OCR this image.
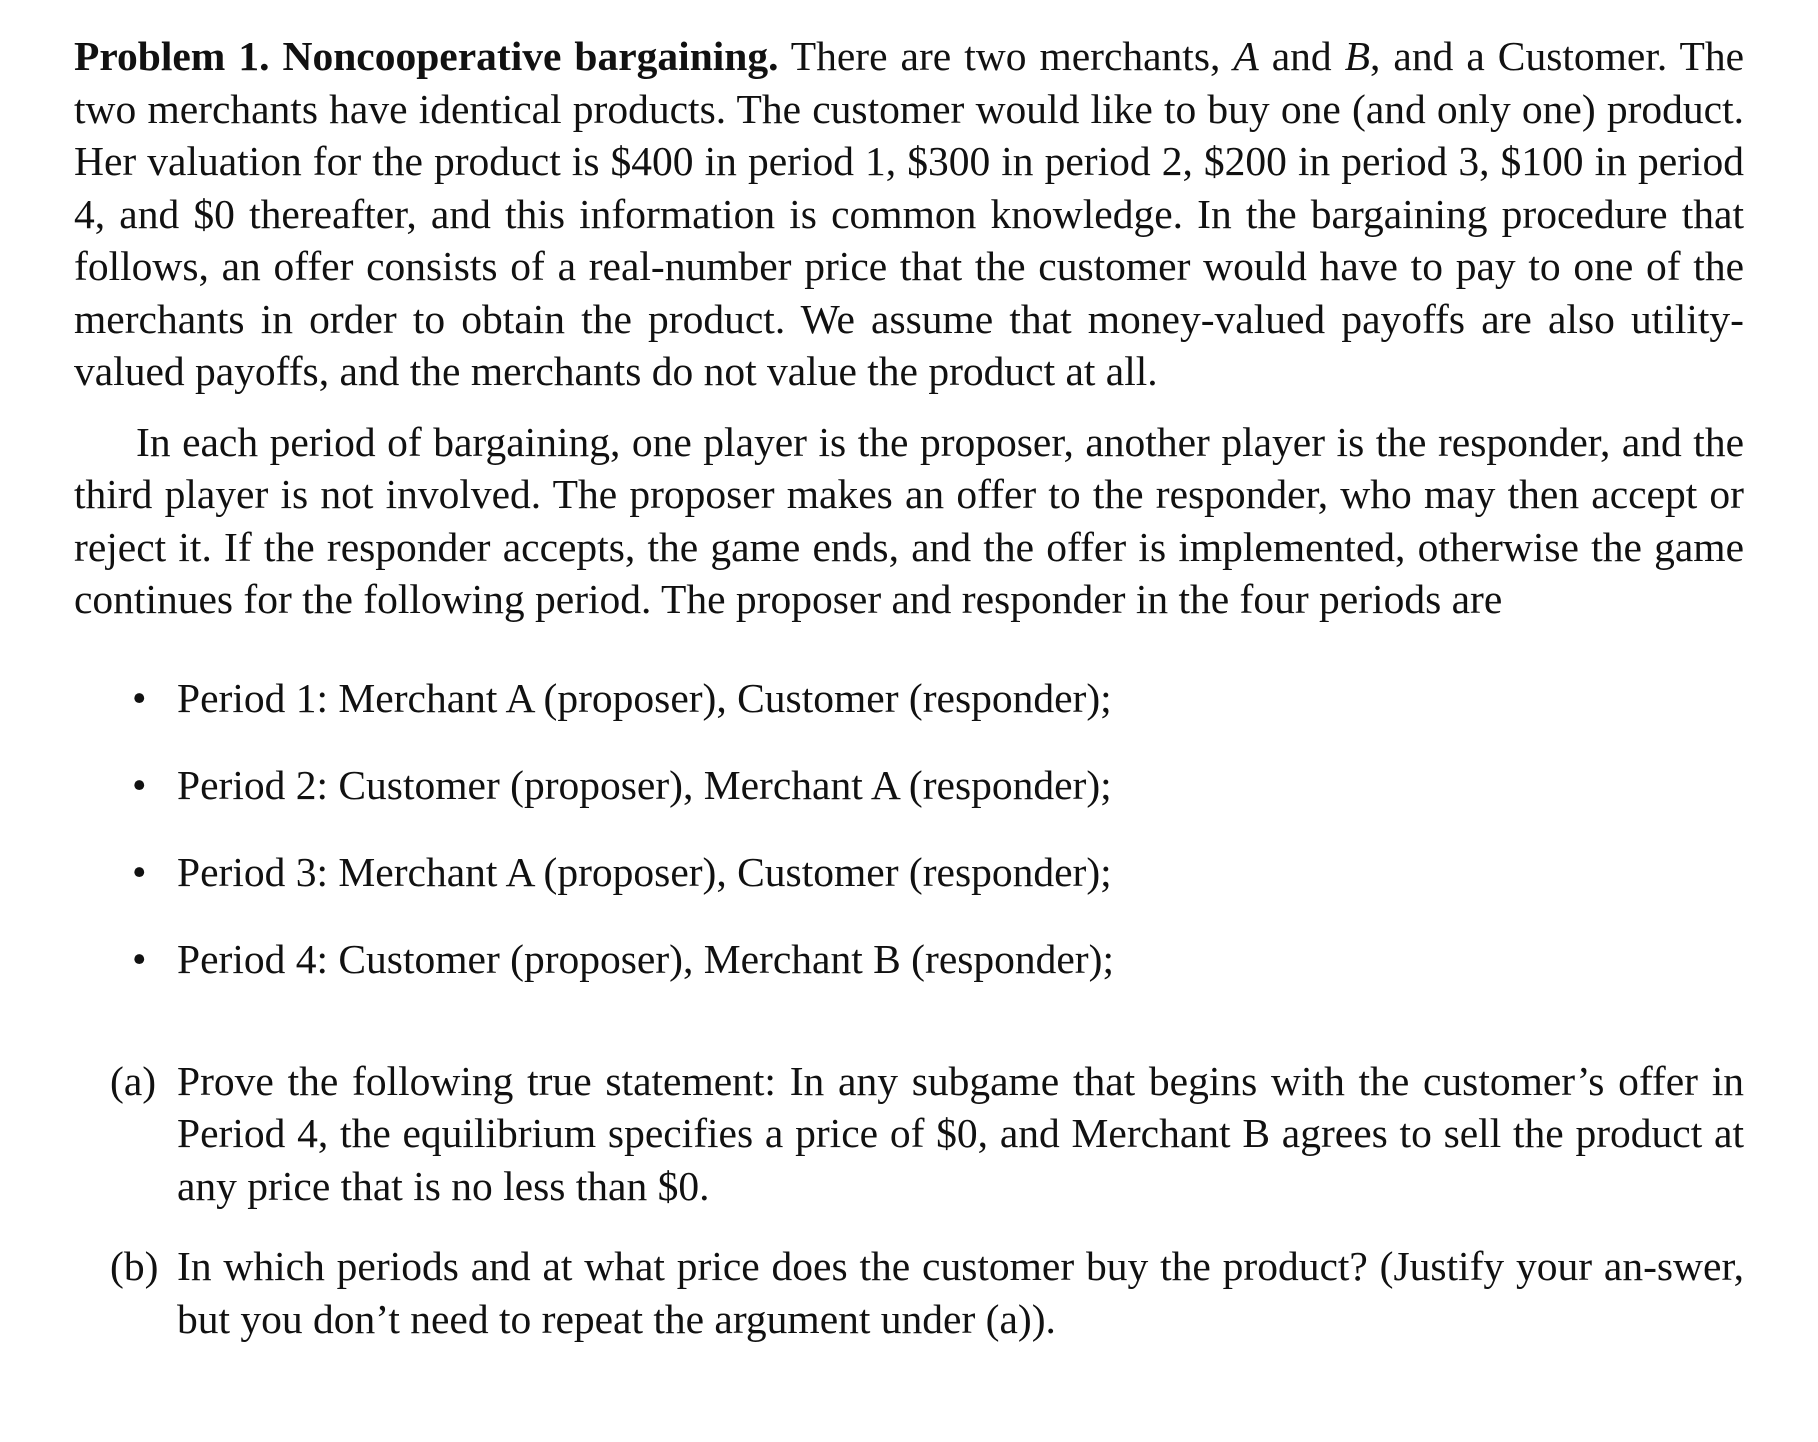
Problem 1. Noncooperative bargaining. There are two merchants, A and B, and a Customer. The two merchants have identical products. The customer would like to buy one (and only one) product. Her valuation for the product is $400 in period 1, $300 in period 2, $200 in period 3, $100 in period 4, and $0 thereafter, and this information is common knowledge. In the bargaining procedure that follows, an offer consists of a real-number price that the customer would have to pay to one of the merchants in order to obtain the product. We assume that money-valued payoffs are also utility-valued payoffs, and the merchants do not value the product at all.

In each period of bargaining, one player is the proposer, another player is the responder, and the third player is not involved. The proposer makes an offer to the responder, who may then accept or reject it. If the responder accepts, the game ends, and the offer is implemented, otherwise the game continues for the following period. The proposer and responder in the four periods are

• Period 1: Merchant A (proposer), Customer (responder);
• Period 2: Customer (proposer), Merchant A (responder);
• Period 3: Merchant A (proposer), Customer (responder);
• Period 4: Customer (proposer), Merchant B (responder);
(a) Prove the following true statement: In any subgame that begins with the customer’s offer in Period 4, the equilibrium specifies a price of $0, and Merchant B agrees to sell the product at any price that is no less than $0.
(b) In which periods and at what price does the customer buy the product? (Justify your an-swer, but you don’t need to repeat the argument under (a)).
